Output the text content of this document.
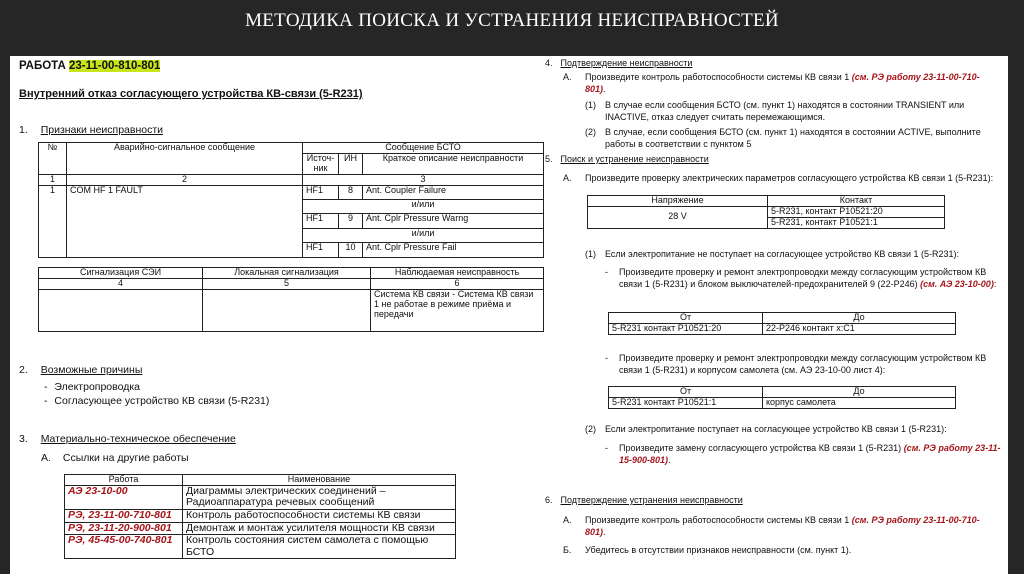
МЕТОДИКА ПОИСКА И УСТРАНЕНИЯ НЕИСПРАВНОСТЕЙ
РАБОТА 23-11-00-810-801
Внутренний отказ согласующего устройства КВ-связи (5-R231)
1. Признаки неисправности
№	Аварийно-сигнальное сообщение	Сообщение БСТО		
		Источ-
ник	ИН	Краткое описание неисправности
1	2	3		
1	COM HF 1 FAULT	HF1	8	Ant. Coupler Failure
		и/или		
		HF1	9	Ant. Cplr Pressure Warng
		и/или		
		HF1	10	Ant. Cplr Pressure Fail
Сигнализация СЭИ	Локальная сигнализация	Наблюдаемая неисправность
4	5	6
		Система КВ связи - Система КВ связи 1 не работае в режиме приёма и передачи
2. Возможные причины
- Электропроводка
- Согласующее устройство КВ связи (5-R231)
3. Материально-техническое обеспечение
А. Ссылки на другие работы
Работа	Наименование
АЭ 23-10-00	Диаграммы электрических соединений – Радиоаппаратура речевых сообщений
РЭ, 23-11-00-710-801	Контроль работоспособности системы КВ связи
РЭ, 23-11-20-900-801	Демонтаж и монтаж усилителя мощности КВ связи
РЭ, 45-45-00-740-801	Контроль состояния систем самолета с помощью БСТО
4. Подтверждение неисправности
А. Произведите контроль работоспособности системы КВ связи 1 (см. РЭ работу 23-11-00-710-801).
(1) В случае если сообщения БСТО (см. пункт 1) находятся в состоянии TRANSIENT или INACTIVE, отказ следует считать перемежающимся.
(2) В случае, если сообщения БСТО (см. пункт 1) находятся в состоянии ACTIVE, выполните работы в соответствии с пунктом 5
5. Поиск и устранение неисправности
А. Произведите проверку электрических параметров согласующего устройства КВ связи 1 (5-R231):
Напряжение	Контакт
28 V	5-R231, контакт Р10521:20
	5-R231, контакт Р10521:1
(1) Если электропитание не поступает на согласующее устройство КВ связи 1 (5-R231):
- Произведите проверку и ремонт электропроводки между согласующим устройством КВ связи 1 (5-R231) и блоком выключателей-предохранителей 9 (22-Р246) (см. АЭ 23-10-00):
От	До
5-R231 контакт Р10521:20	22-Р246 контакт х:С1
- Произведите проверку и ремонт электропроводки между согласующим устройством КВ связи 1 (5-R231) и корпусом самолета (см. АЭ 23-10-00 лист 4):
От	До
5-R231 контакт Р10521:1	корпус самолета
(2) Если электропитание поступает на согласующее устройство КВ связи 1 (5-R231):
- Произведите замену согласующего устройства КВ связи 1 (5-R231) (см. РЭ работу 23-11-15-900-801).
6. Подтверждение устранения неисправности
А. Произведите контроль работоспособности системы КВ связи 1 (см. РЭ работу 23-11-00-710-801).
Б. Убедитесь в отсутствии признаков неисправности (см. пункт 1).
